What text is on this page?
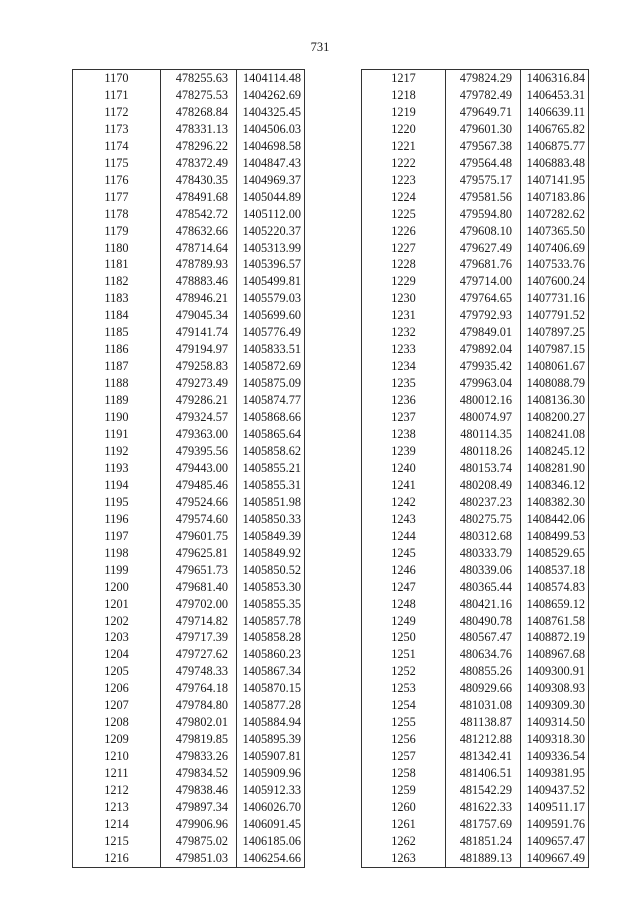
731
1170	478255.63	1404114.48
1171	478275.53	1404262.69
1172	478268.84	1404325.45
1173	478331.13	1404506.03
1174	478296.22	1404698.58
1175	478372.49	1404847.43
1176	478430.35	1404969.37
1177	478491.68	1405044.89
1178	478542.72	1405112.00
1179	478632.66	1405220.37
1180	478714.64	1405313.99
1181	478789.93	1405396.57
1182	478883.46	1405499.81
1183	478946.21	1405579.03
1184	479045.34	1405699.60
1185	479141.74	1405776.49
1186	479194.97	1405833.51
1187	479258.83	1405872.69
1188	479273.49	1405875.09
1189	479286.21	1405874.77
1190	479324.57	1405868.66
1191	479363.00	1405865.64
1192	479395.56	1405858.62
1193	479443.00	1405855.21
1194	479485.46	1405855.31
1195	479524.66	1405851.98
1196	479574.60	1405850.33
1197	479601.75	1405849.39
1198	479625.81	1405849.92
1199	479651.73	1405850.52
1200	479681.40	1405853.30
1201	479702.00	1405855.35
1202	479714.82	1405857.78
1203	479717.39	1405858.28
1204	479727.62	1405860.23
1205	479748.33	1405867.34
1206	479764.18	1405870.15
1207	479784.80	1405877.28
1208	479802.01	1405884.94
1209	479819.85	1405895.39
1210	479833.26	1405907.81
1211	479834.52	1405909.96
1212	479838.46	1405912.33
1213	479897.34	1406026.70
1214	479906.96	1406091.45
1215	479875.02	1406185.06
1216	479851.03	1406254.66
1217	479824.29	1406316.84
1218	479782.49	1406453.31
1219	479649.71	1406639.11
1220	479601.30	1406765.82
1221	479567.38	1406875.77
1222	479564.48	1406883.48
1223	479575.17	1407141.95
1224	479581.56	1407183.86
1225	479594.80	1407282.62
1226	479608.10	1407365.50
1227	479627.49	1407406.69
1228	479681.76	1407533.76
1229	479714.00	1407600.24
1230	479764.65	1407731.16
1231	479792.93	1407791.52
1232	479849.01	1407897.25
1233	479892.04	1407987.15
1234	479935.42	1408061.67
1235	479963.04	1408088.79
1236	480012.16	1408136.30
1237	480074.97	1408200.27
1238	480114.35	1408241.08
1239	480118.26	1408245.12
1240	480153.74	1408281.90
1241	480208.49	1408346.12
1242	480237.23	1408382.30
1243	480275.75	1408442.06
1244	480312.68	1408499.53
1245	480333.79	1408529.65
1246	480339.06	1408537.18
1247	480365.44	1408574.83
1248	480421.16	1408659.12
1249	480490.78	1408761.58
1250	480567.47	1408872.19
1251	480634.76	1408967.68
1252	480855.26	1409300.91
1253	480929.66	1409308.93
1254	481031.08	1409309.30
1255	481138.87	1409314.50
1256	481212.88	1409318.30
1257	481342.41	1409336.54
1258	481406.51	1409381.95
1259	481542.29	1409437.52
1260	481622.33	1409511.17
1261	481757.69	1409591.76
1262	481851.24	1409657.47
1263	481889.13	1409667.49
